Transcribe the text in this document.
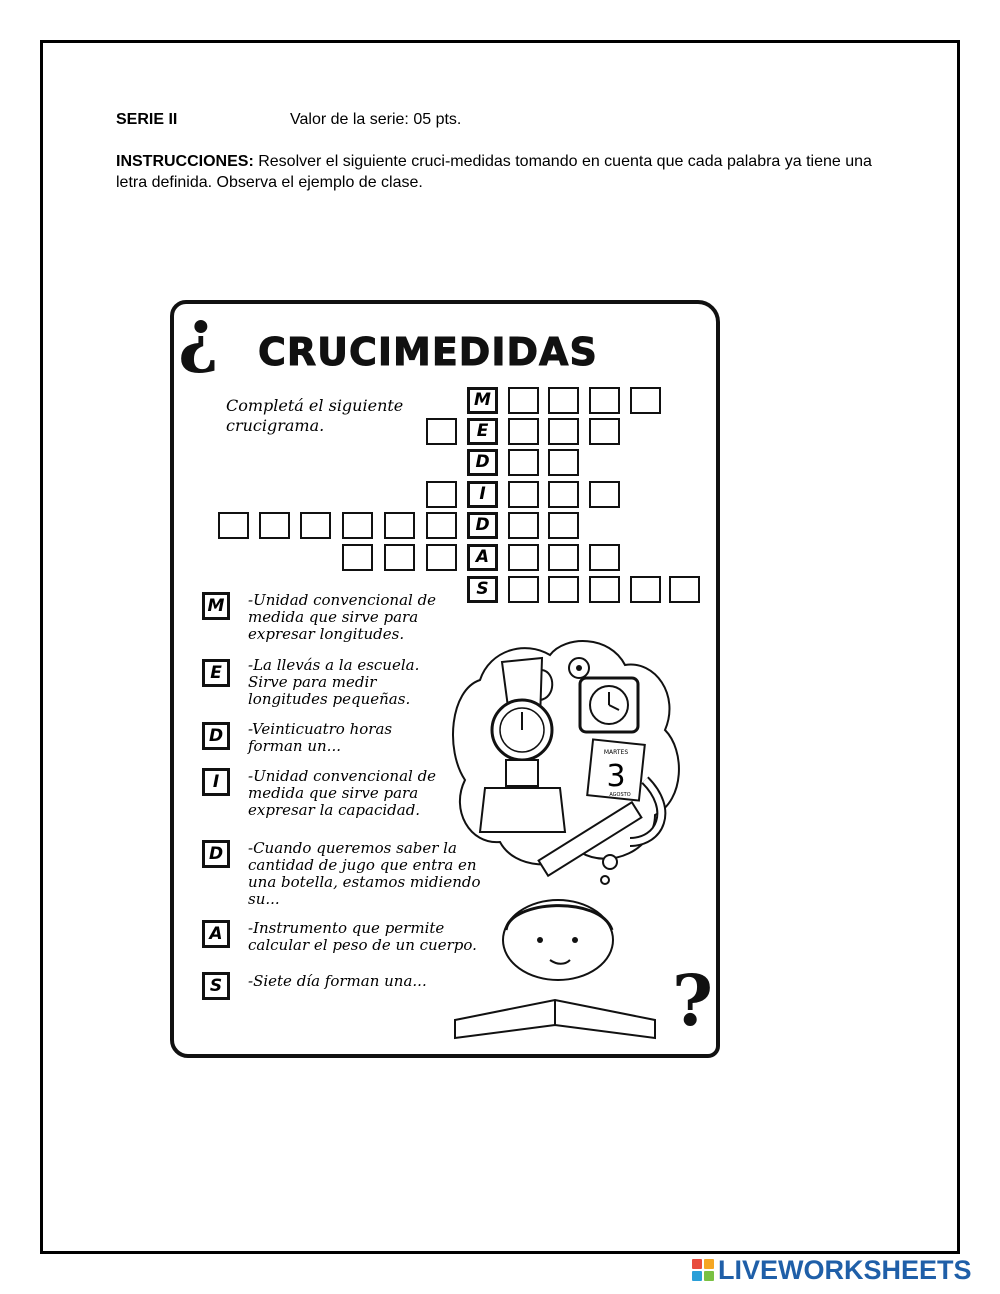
SERIE II	Valor de la serie: 05 pts.
INSTRUCCIONES: Resolver el siguiente cruci-medidas tomando en cuenta que cada palabra ya tiene una letra definida. Observa el ejemplo de clase.
¿
?
CRUCIMEDIDAS
Completá el siguiente crucigrama.
M
E
D
I
D
A
S
M	-Unidad convencional de medida que sirve para expresar longitudes.
E	-La llevás a la escuela. Sirve para medir longitudes pequeñas.
D	-Veinticuatro horas forman un...
I	-Unidad convencional de medida que sirve para expresar la capacidad.
D	-Cuando queremos saber la cantidad de jugo que entra en una botella, estamos midiendo su...
A	-Instrumento que permite calcular el peso de un cuerpo.
S	-Siete día forman una...
MARTES
3
AGOSTO
LIVEWORKSHEETS
